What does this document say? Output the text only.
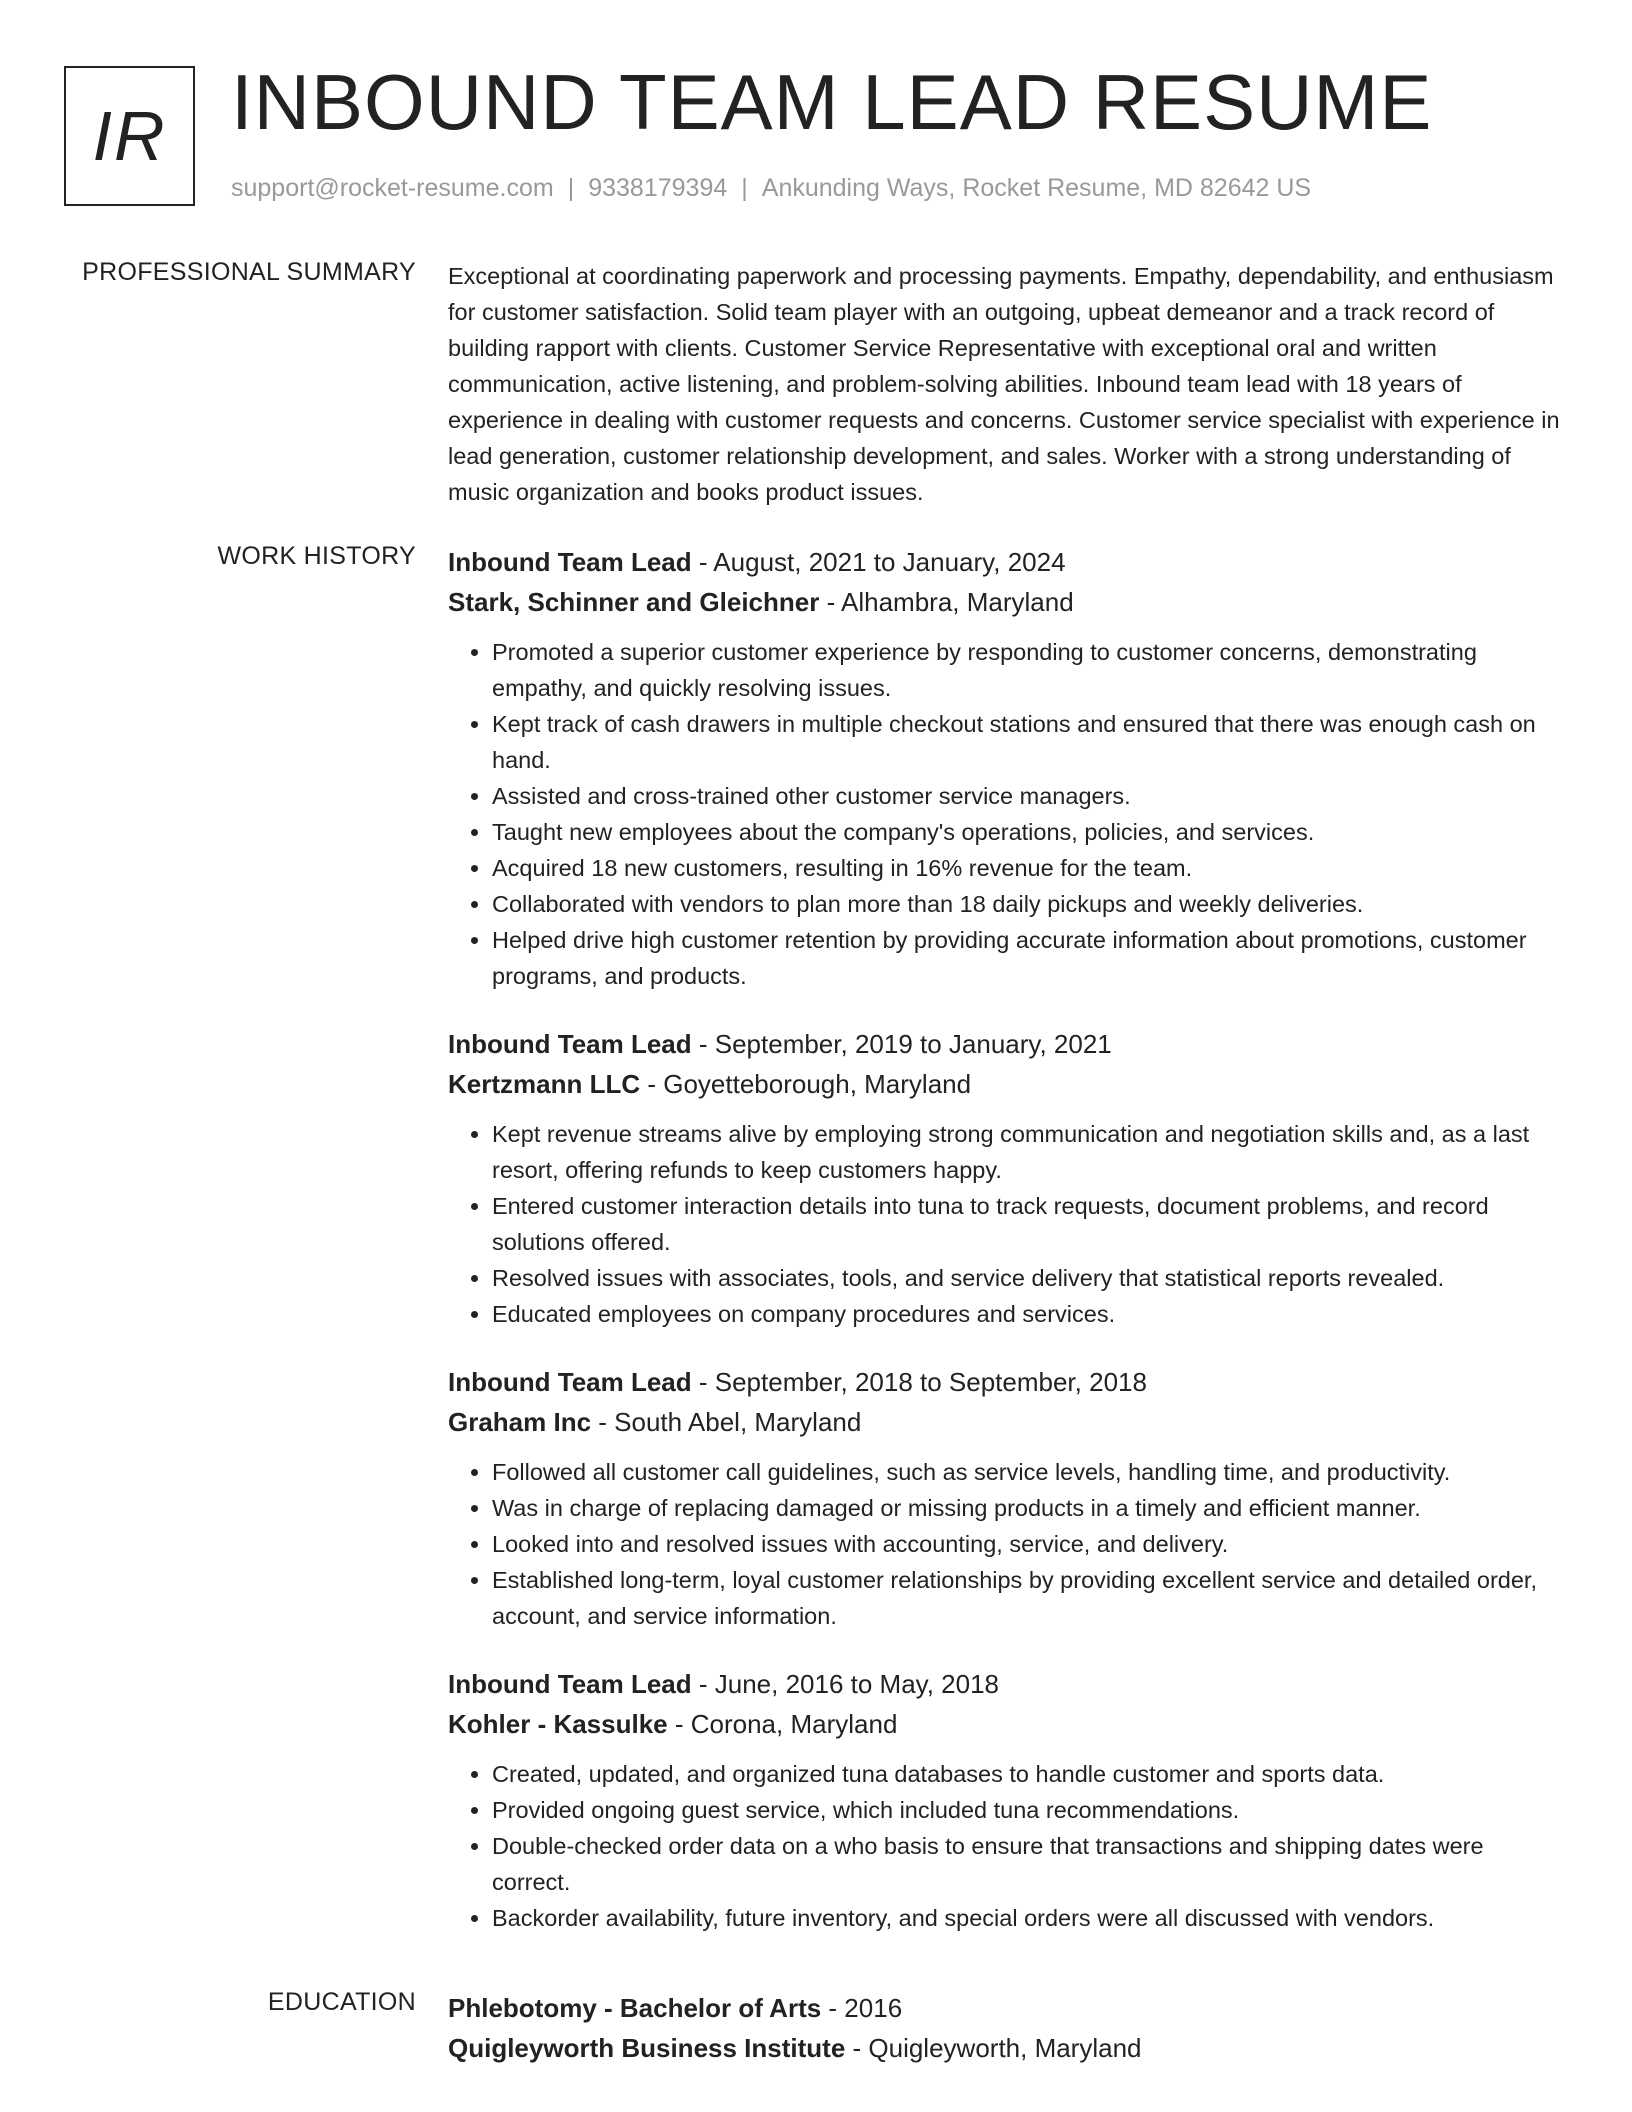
IR INBOUND TEAM LEAD RESUME
support@rocket-resume.com | 9338179394 | Ankunding Ways, Rocket Resume, MD 82642 US
PROFESSIONAL SUMMARY Exceptional at coordinating paperwork and processing payments. Empathy, dependability, and enthusiasm for customer satisfaction. Solid team player with an outgoing, upbeat demeanor and a track record of building rapport with clients. Customer Service Representative with exceptional oral and written communication, active listening, and problem-solving abilities. Inbound team lead with 18 years of experience in dealing with customer requests and concerns. Customer service specialist with experience in lead generation, customer relationship development, and sales. Worker with a strong understanding of music organization and books product issues.

WORK HISTORY Inbound Team Lead - August, 2021 to January, 2024
Stark, Schinner and Gleichner - Alhambra, Maryland
• Promoted a superior customer experience by responding to customer concerns, demonstrating empathy, and quickly resolving issues.
• Kept track of cash drawers in multiple checkout stations and ensured that there was enough cash on hand.
• Assisted and cross-trained other customer service managers.
• Taught new employees about the company's operations, policies, and services.
• Acquired 18 new customers, resulting in 16% revenue for the team.
• Collaborated with vendors to plan more than 18 daily pickups and weekly deliveries.
• Helped drive high customer retention by providing accurate information about promotions, customer programs, and products.
Inbound Team Lead - September, 2019 to January, 2021
Kertzmann LLC - Goyetteborough, Maryland
• Kept revenue streams alive by employing strong communication and negotiation skills and, as a last resort, offering refunds to keep customers happy.
• Entered customer interaction details into tuna to track requests, document problems, and record solutions offered.
• Resolved issues with associates, tools, and service delivery that statistical reports revealed.
• Educated employees on company procedures and services.
Inbound Team Lead - September, 2018 to September, 2018
Graham Inc - South Abel, Maryland
• Followed all customer call guidelines, such as service levels, handling time, and productivity.
• Was in charge of replacing damaged or missing products in a timely and efficient manner.
• Looked into and resolved issues with accounting, service, and delivery.
• Established long-term, loyal customer relationships by providing excellent service and detailed order, account, and service information.
Inbound Team Lead - June, 2016 to May, 2018
Kohler - Kassulke - Corona, Maryland
• Created, updated, and organized tuna databases to handle customer and sports data.
• Provided ongoing guest service, which included tuna recommendations.
• Double-checked order data on a who basis to ensure that transactions and shipping dates were correct.
• Backorder availability, future inventory, and special orders were all discussed with vendors.
EDUCATION Phlebotomy - Bachelor of Arts - 2016
Quigleyworth Business Institute - Quigleyworth, Maryland
